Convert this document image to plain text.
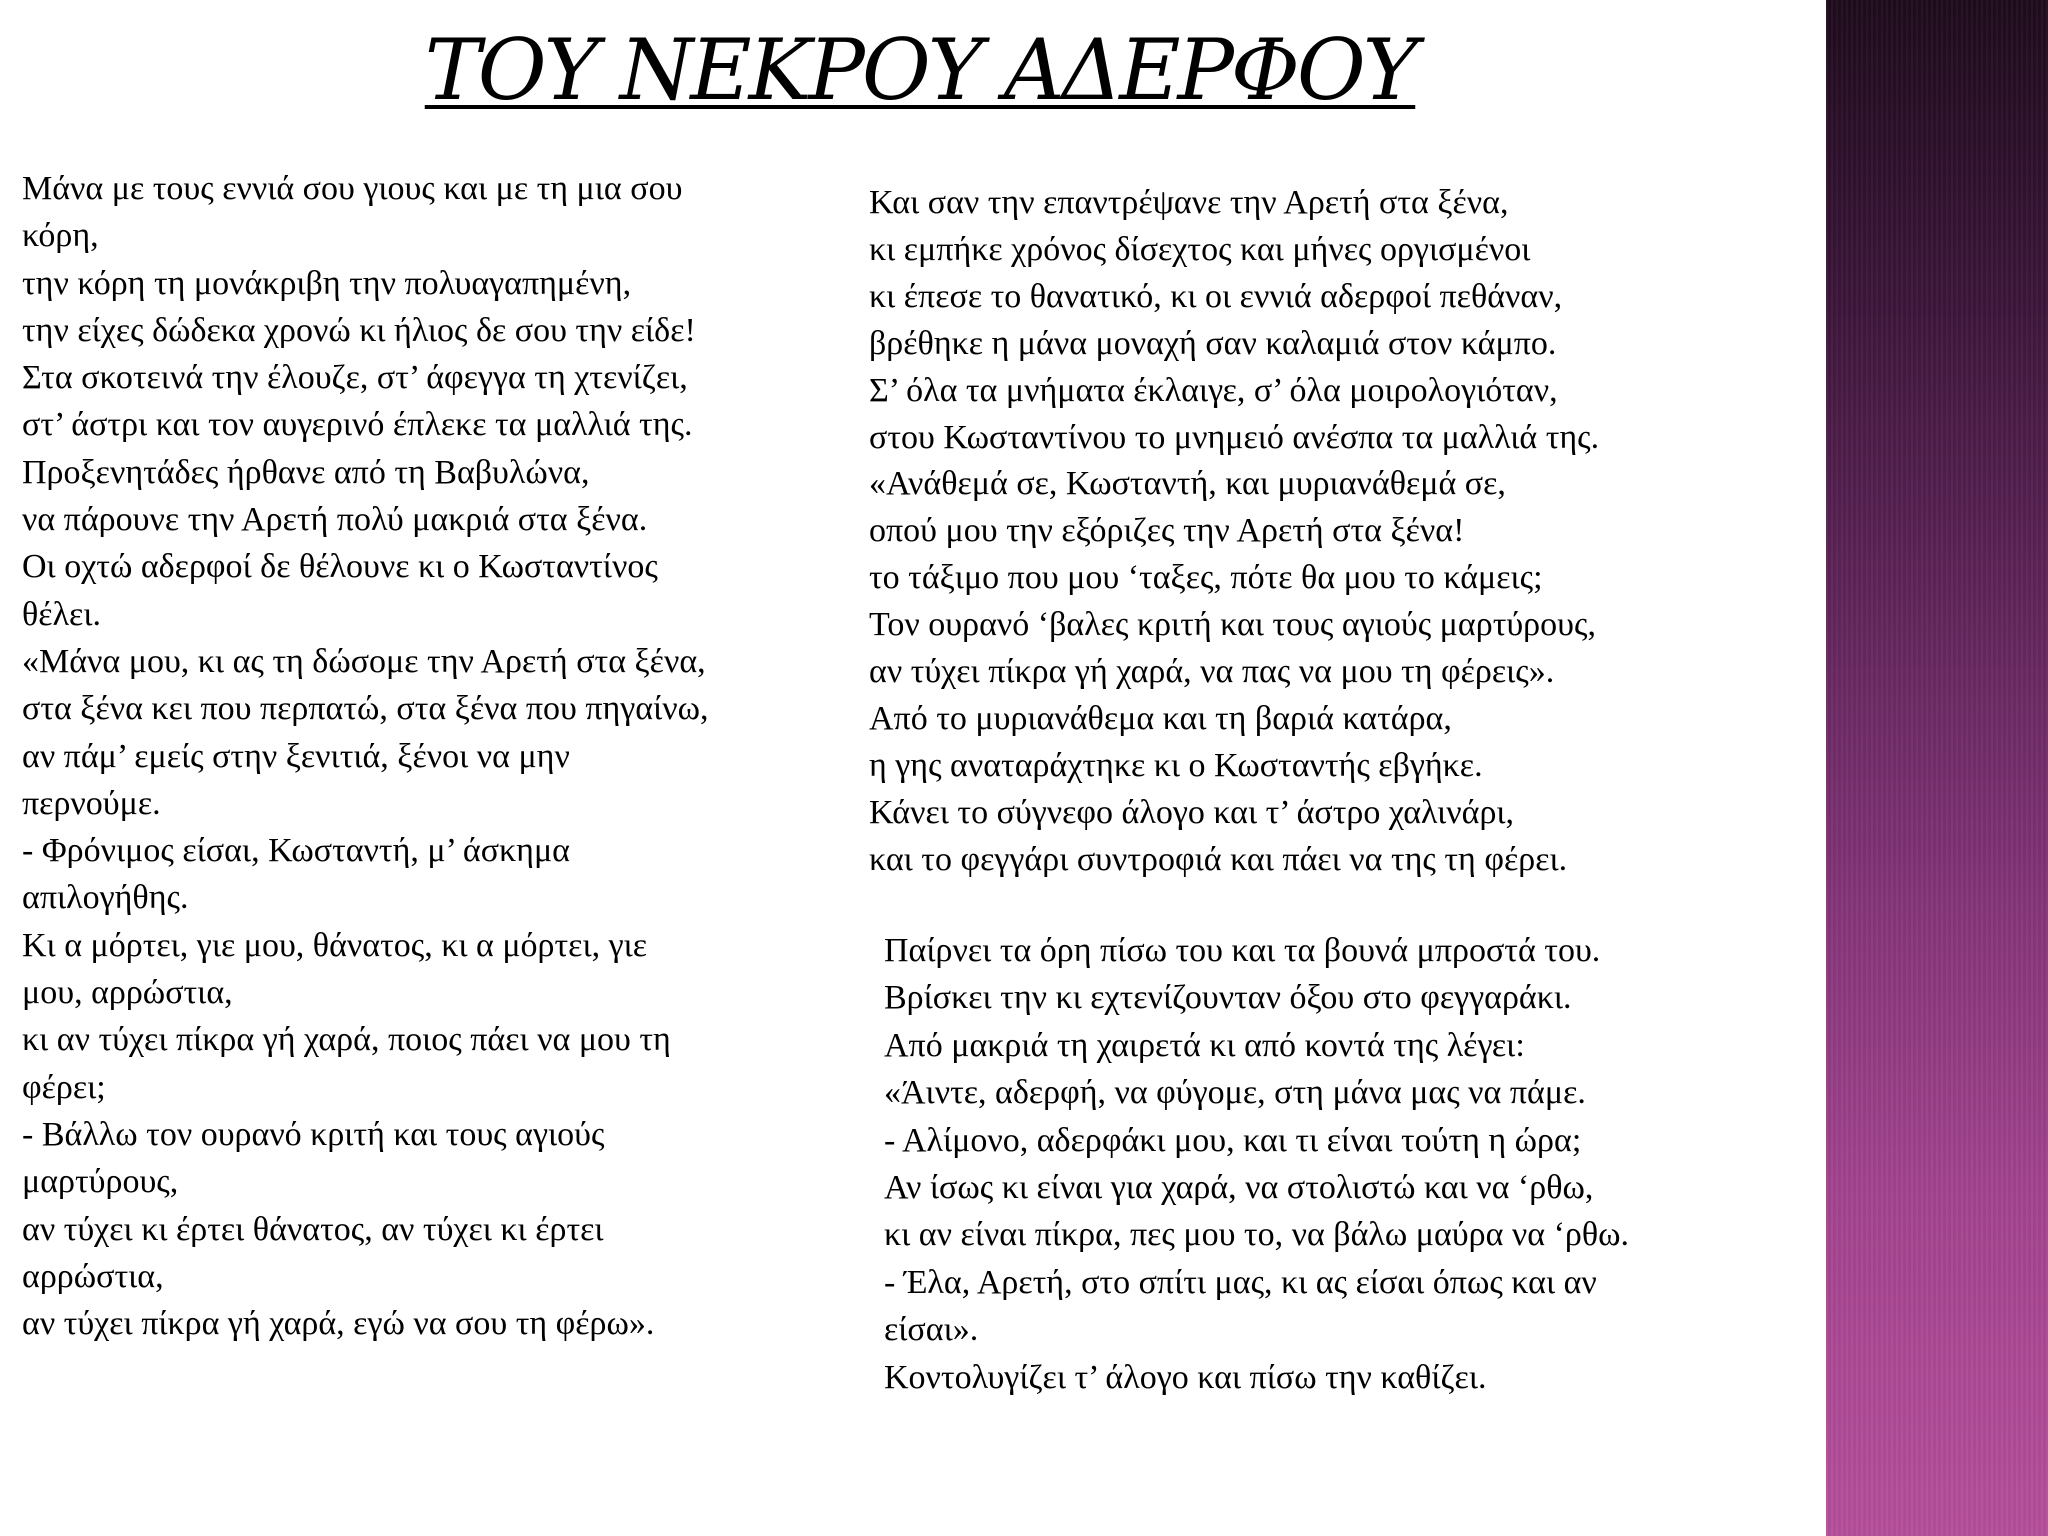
ΤΟΥ ΝΕΚΡΟΥ ΑΔΕΡΦΟΥ
Μάνα με τους εννιά σου γιους και με τη μια σου
κόρη,
την κόρη τη μονάκριβη την πολυαγαπημένη,
την είχες δώδεκα χρονώ κι ήλιος δε σου την είδε!
Στα σκοτεινά την έλουζε, στ’ άφεγγα τη χτενίζει,
στ’ άστρι και τον αυγερινό έπλεκε τα μαλλιά της.
Προξενητάδες ήρθανε από τη Βαβυλώνα,
να πάρουνε την Αρετή πολύ μακριά στα ξένα.
Οι οχτώ αδερφοί δε θέλουνε κι ο Κωσταντίνος
θέλει.
«Μάνα μου, κι ας τη δώσομε την Αρετή στα ξένα,
στα ξένα κει που περπατώ, στα ξένα που πηγαίνω,
αν πάμ’ εμείς στην ξενιτιά, ξένοι να μην
περνούμε.
- Φρόνιμος είσαι, Κωσταντή, μ’ άσκημα
απιλογήθης.
Κι α μόρτει, γιε μου, θάνατος, κι α μόρτει, γιε
μου, αρρώστια,
κι αν τύχει πίκρα γή χαρά, ποιος πάει να μου τη
φέρει;
- Βάλλω τον ουρανό κριτή και τους αγιούς
μαρτύρους,
αν τύχει κι έρτει θάνατος, αν τύχει κι έρτει
αρρώστια,
αν τύχει πίκρα γή χαρά, εγώ να σου τη φέρω».
Και σαν την επαντρέψανε την Αρετή στα ξένα,
κι εμπήκε χρόνος δίσεχτος και μήνες οργισμένοι
κι έπεσε το θανατικό, κι οι εννιά αδερφοί πεθάναν,
βρέθηκε η μάνα μοναχή σαν καλαμιά στον κάμπο.
Σ’ όλα τα μνήματα έκλαιγε, σ’ όλα μοιρολογιόταν,
στου Κωσταντίνου το μνημειό ανέσπα τα μαλλιά της.
«Ανάθεμά σε, Κωσταντή, και μυριανάθεμά σε,
οπού μου την εξόριζες την Αρετή στα ξένα!
το τάξιμο που μου ‘ταξες, πότε θα μου το κάμεις;
Τον ουρανό ‘βαλες κριτή και τους αγιούς μαρτύρους,
αν τύχει πίκρα γή χαρά, να πας να μου τη φέρεις».
Από το μυριανάθεμα και τη βαριά κατάρα,
η γης αναταράχτηκε κι ο Κωσταντής εβγήκε.
Κάνει το σύγνεφο άλογο και τ’ άστρο χαλινάρι,
και το φεγγάρι συντροφιά και πάει να της τη φέρει.
Παίρνει τα όρη πίσω του και τα βουνά μπροστά του.
Βρίσκει την κι εχτενίζουνταν όξου στο φεγγαράκι.
Από μακριά τη χαιρετά κι από κοντά της λέγει:
«Άιντε, αδερφή, να φύγομε, στη μάνα μας να πάμε.
- Αλίμονο, αδερφάκι μου, και τι είναι τούτη η ώρα;
Αν ίσως κι είναι για χαρά, να στολιστώ και να ‘ρθω,
κι αν είναι πίκρα, πες μου το, να βάλω μαύρα να ‘ρθω.
- Έλα, Αρετή, στο σπίτι μας, κι ας είσαι όπως και αν
είσαι».
Κοντολυγίζει τ’ άλογο και πίσω την καθίζει.
